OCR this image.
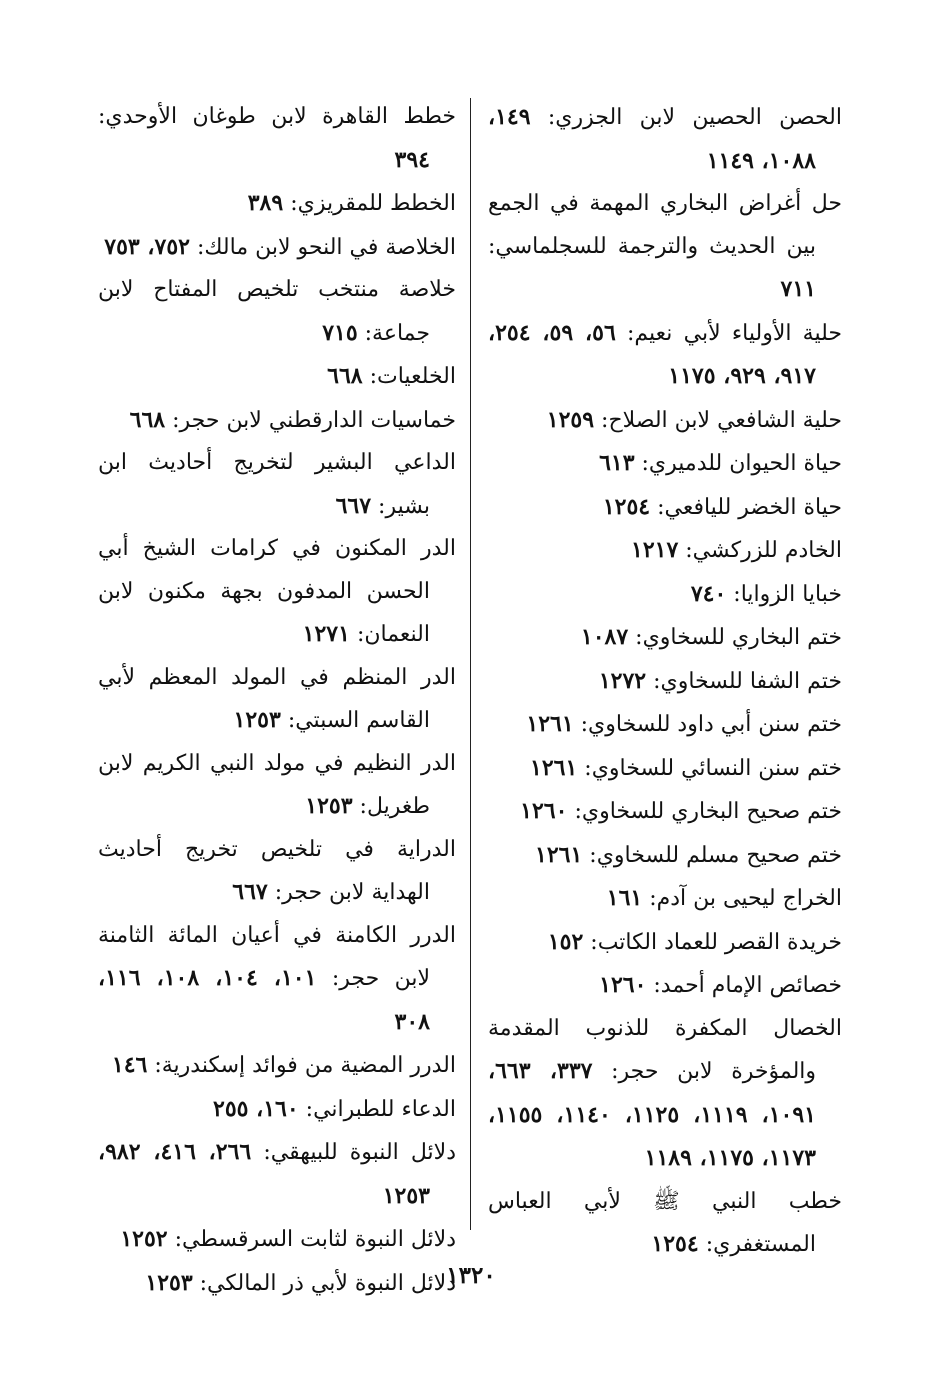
الحصن الحصين لابن الجزري: ١٤٩، ١٠٨٨، ١١٤٩
حل أغراض البخاري المهمة في الجمع بين الحديث والترجمة للسجلماسي: ٧١١
حلية الأولياء لأبي نعيم: ٥٦، ٥٩، ٢٥٤، ٩١٧، ٩٢٩، ١١٧٥
حلية الشافعي لابن الصلاح: ١٢٥٩
حياة الحيوان للدميري: ٦١٣
حياة الخضر لليافعي: ١٢٥٤
الخادم للزركشي: ١٢١٧
خبايا الزوايا: ٧٤٠
ختم البخاري للسخاوي: ١٠٨٧
ختم الشفا للسخاوي: ١٢٧٢
ختم سنن أبي داود للسخاوي: ١٢٦١
ختم سنن النسائي للسخاوي: ١٢٦١
ختم صحيح البخاري للسخاوي: ١٢٦٠
ختم صحيح مسلم للسخاوي: ١٢٦١
الخراج ليحيى بن آدم: ١٦١
خريدة القصر للعماد الكاتب: ١٥٢
خصائص الإمام أحمد: ١٢٦٠
الخصال المكفرة للذنوب المقدمة والمؤخرة لابن حجر: ٣٣٧، ٦٦٣، ١٠٩١، ١١١٩، ١١٢٥، ١١٤٠، ١١٥٥، ١١٧٣، ١١٧٥، ١١٨٩
خطب النبي ﷺ لأبي العباس المستغفري: ١٢٥٤
خطط القاهرة لابن طوغان الأوحدي: ٣٩٤
الخطط للمقريزي: ٣٨٩
الخلاصة في النحو لابن مالك: ٧٥٢، ٧٥٣
خلاصة منتخب تلخيص المفتاح لابن جماعة: ٧١٥
الخلعيات: ٦٦٨
خماسيات الدارقطني لابن حجر: ٦٦٨
الداعي البشير لتخريج أحاديث ابن بشير: ٦٦٧
الدر المكنون في كرامات الشيخ أبي الحسن المدفون بجهة مكنون لابن النعمان: ١٢٧١
الدر المنظم في المولد المعظم لأبي القاسم السبتي: ١٢٥٣
الدر النظيم في مولد النبي الكريم لابن طغريل: ١٢٥٣
الدراية في تلخيص تخريج أحاديث الهداية لابن حجر: ٦٦٧
الدرر الكامنة في أعيان المائة الثامنة لابن حجر: ١٠١، ١٠٤، ١٠٨، ١١٦، ٣٠٨
الدرر المضية من فوائد إسكندرية: ١٤٦
الدعاء للطبراني: ١٦٠، ٢٥٥
دلائل النبوة للبيهقي: ٢٦٦، ٤١٦، ٩٨٢، ١٢٥٣
دلائل النبوة لثابت السرقسطي: ١٢٥٢
دلائل النبوة لأبي ذر المالكي: ١٢٥٣	١٣٢٠
